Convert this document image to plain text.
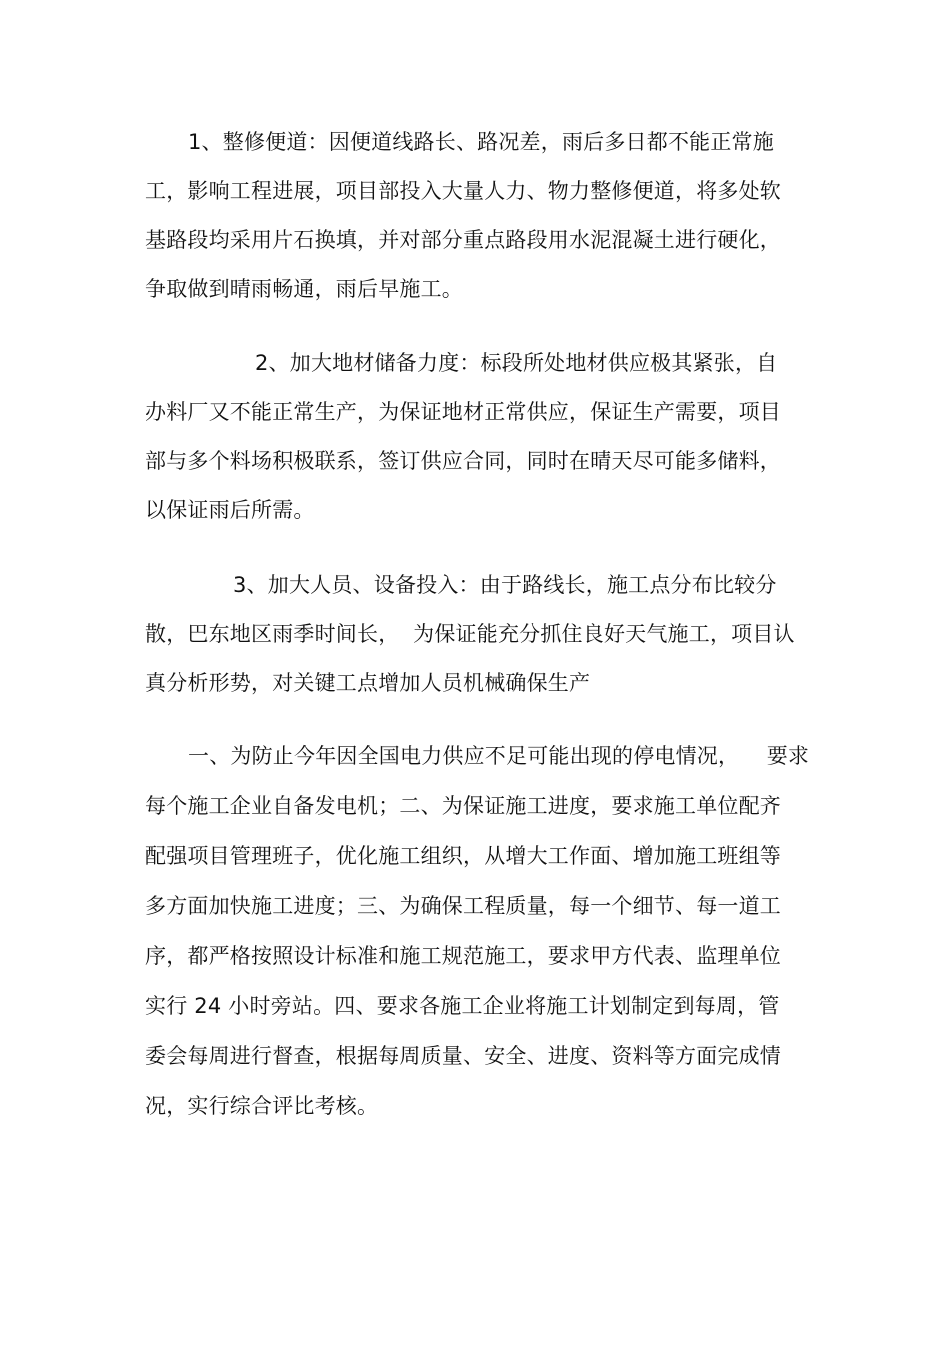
1、整修便道：因便道线路长、路况差，雨后多日都不能正常施

工，影响工程进展，项目部投入大量人力、物力整修便道，将多处软

基路段均采用片石换填，并对部分重点路段用水泥混凝土进行硬化，

争取做到晴雨畅通，雨后早施工。

2、加大地材储备力度：标段所处地材供应极其紧张，自

办料厂又不能正常生产，为保证地材正常供应，保证生产需要，项目

部与多个料场积极联系，签订供应合同，同时在晴天尽可能多储料，

以保证雨后所需。

3、加大人员、设备投入：由于路线长，施工点分布比较分

散，巴东地区雨季时间长，  为保证能充分抓住良好天气施工，项目认

真分析形势，对关键工点增加人员机械确保生产

一、为防止今年因全国电力供应不足可能出现的停电情况，    要求

每个施工企业自备发电机；二、为保证施工进度，要求施工单位配齐

配强项目管理班子，优化施工组织，从增大工作面、增加施工班组等

多方面加快施工进度；三、为确保工程质量，每一个细节、每一道工

序，都严格按照设计标准和施工规范施工，要求甲方代表、监理单位

实行 24 小时旁站。四、要求各施工企业将施工计划制定到每周，管

委会每周进行督查，根据每周质量、安全、进度、资料等方面完成情

况，实行综合评比考核。
